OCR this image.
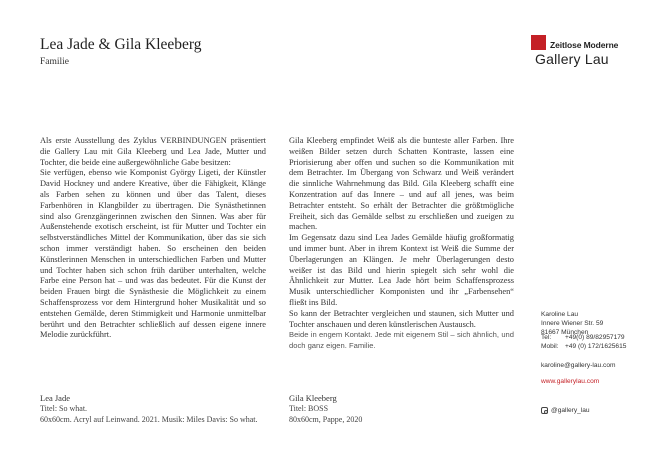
Lea Jade & Gila Kleeberg
Familie
Zeitlose Moderne
Gallery Lau

Als erste Ausstellung des Zyklus VERBINDUNGEN präsentiert die Gallery Lau mit Gila Kleeberg und Lea Jade, Mutter und Tochter, die beide eine außergewöhnliche Gabe besitzen:

Sie verfügen, ebenso wie Komponist György Ligeti, der Künstler David Hockney und andere Kreative, über die Fähigkeit, Klänge als Farben sehen zu können und über das Talent, dieses Farbenhören in Klangbilder zu übertragen. Die Synästhetinnen sind also Grenzgängerinnen zwischen den Sinnen. Was aber für Außenstehende exotisch erscheint, ist für Mutter und Tochter ein selbstverständliches Mittel der Kommunikation, über das sie sich schon immer verständigt haben. So erscheinen den beiden Künstlerinnen Menschen in unterschiedlichen Farben und Mutter und Tochter haben sich schon früh darüber unterhalten, welche Farbe eine Person hat – und was das bedeutet. Für die Kunst der beiden Frauen birgt die Synästhesie die Möglichkeit zu einem Schaffensprozess vor dem Hintergrund hoher Musikalität und so entstehen Gemälde, deren Stimmigkeit und Harmonie unmittelbar berührt und den Betrachter schließlich auf dessen eigene innere Melodie zurückführt.

Gila Kleeberg empfindet Weiß als die bunteste aller Farben. Ihre weißen Bilder setzen durch Schatten Kontraste, lassen eine Priorisierung aber offen und suchen so die Kommunikation mit dem Betrachter. Im Übergang von Schwarz und Weiß verändert die sinnliche Wahrnehmung das Bild. Gila Kleeberg schafft eine Konzentration auf das Innere – und auf all jenes, was beim Betrachter entsteht. So erhält der Betrachter die größtmögliche Freiheit, sich das Gemälde selbst zu erschließen und zueigen zu machen.

Im Gegensatz dazu sind Lea Jades Gemälde häufig großformatig und immer bunt. Aber in ihrem Kontext ist Weiß die Summe der Überlagerungen an Klängen. Je mehr Überlagerungen desto weißer ist das Bild und hierin spiegelt sich sehr wohl die Ähnlichkeit zur Mutter. Lea Jade hört beim Schaffensprozess Musik unterschiedlicher Komponisten und ihr „Farbensehen“ fließt ins Bild.

So kann der Betrachter vergleichen und staunen, sich Mutter und Tochter anschauen und deren künstlerischen Austausch.

Beide in engem Kontakt. Jede mit eigenem Stil – sich ähnlich, und doch ganz eigen. Familie.

Lea Jade
Titel: So what.
60x60cm. Acryl auf Leinwand. 2021. Musik: Miles Davis: So what.
Gila Kleeberg
Titel: BOSS
80x60cm, Pappe, 2020
Karoline Lau
Innere Wiener Str. 59
81667 München
Tel: +49(0) 89/82957179
Mobil: +49 (0) 172/1625615
karoline@gallery-lau.com
www.gallerylau.com
@gallery_lau
